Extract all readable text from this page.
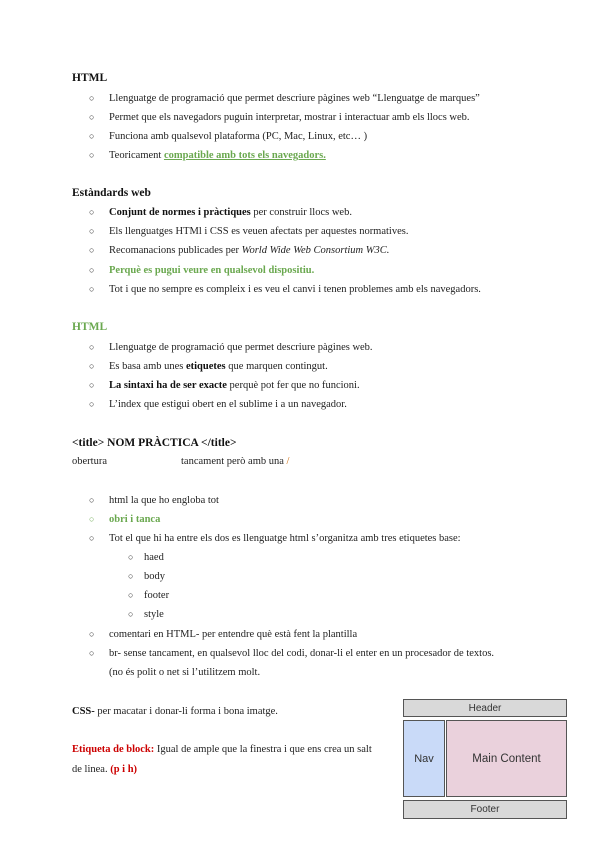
HTML
○ Llenguatge de programació que permet descriure pàgines web “Llenguatge de marques”
○ Permet que els navegadors puguin interpretar, mostrar i interactuar amb els llocs web.
○ Funciona amb qualsevol plataforma (PC, Mac, Linux, etc… )
○ Teoricament compatible amb tots els navegadors.
Estàndards web
○ Conjunt de normes i pràctiques per construir llocs web.
○ Els llenguatges HTMl i CSS es veuen afectats per aquestes normatives.
○ Recomanacions publicades per World Wide Web Consortium W3C.
○ Perquè es pugui veure en qualsevol dispositiu.
○ Tot i que no sempre es compleix i es veu el canvi i tenen problemes amb els navegadors.
HTML
○ Llenguatge de programació que permet descriure pàgines web.
○ Es basa amb unes etiquetes que marquen contingut.
○ La sintaxi ha de ser exacte perquè pot fer que no funcioni.
○ L’index que estigui obert en el sublime i a un navegador.
<title> NOM PRÀCTICA </title>
obertura	tancament però amb una /
○ html la que ho engloba tot
○ obri i tanca
○ Tot el que hi ha entre els dos es llenguatge html s’organitza amb tres etiquetes base:
○ haed
○ body
○ footer
○ style
○ comentari en HTML- per entendre què està fent la plantilla
○ br- sense tancament, en qualsevol lloc del codi, donar-li el enter en un procesador de textos.
(no és polit o net si l’utilitzem molt.
CSS- per macatar i donar-li forma i bona imatge.
Etiqueta de block: Igual de ample que la finestra i que ens crea un salt
de linea. (p i h)
Header
Nav	Main Content
Footer
